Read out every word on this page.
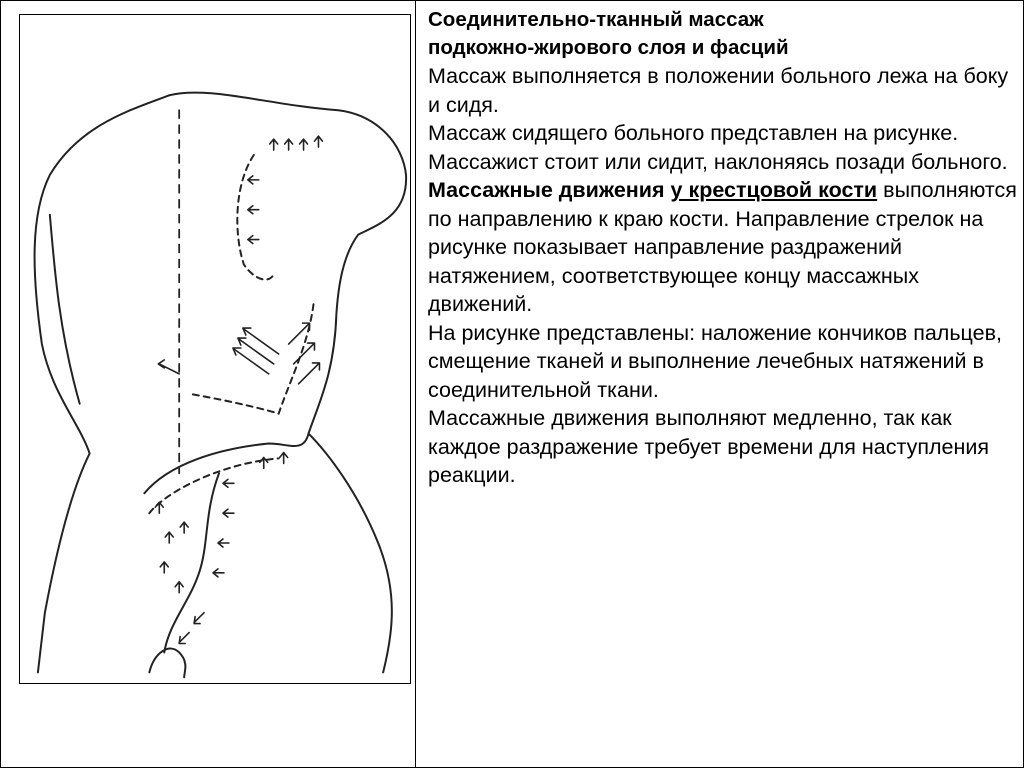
Соединительно-тканный массаж
подкожно-жирового слоя и фасций

Массаж выполняется в положении больного лежа на боку и сидя.

Массаж сидящего больного представлен на рисунке. Массажист стоит или сидит, наклоняясь позади больного.

Массажные движения у крестцовой кости выполняются по направлению к краю кости. Направление стрелок на рисунке показывает направление раздражений натяжением, соответствующее концу массажных движений.

На рисунке представлены: наложение кончиков пальцев, смещение тканей и выполнение лечебных натяжений в соединительной ткани.

Массажные движения выполняют медленно, так как каждое раздражение требует времени для наступления реакции.
